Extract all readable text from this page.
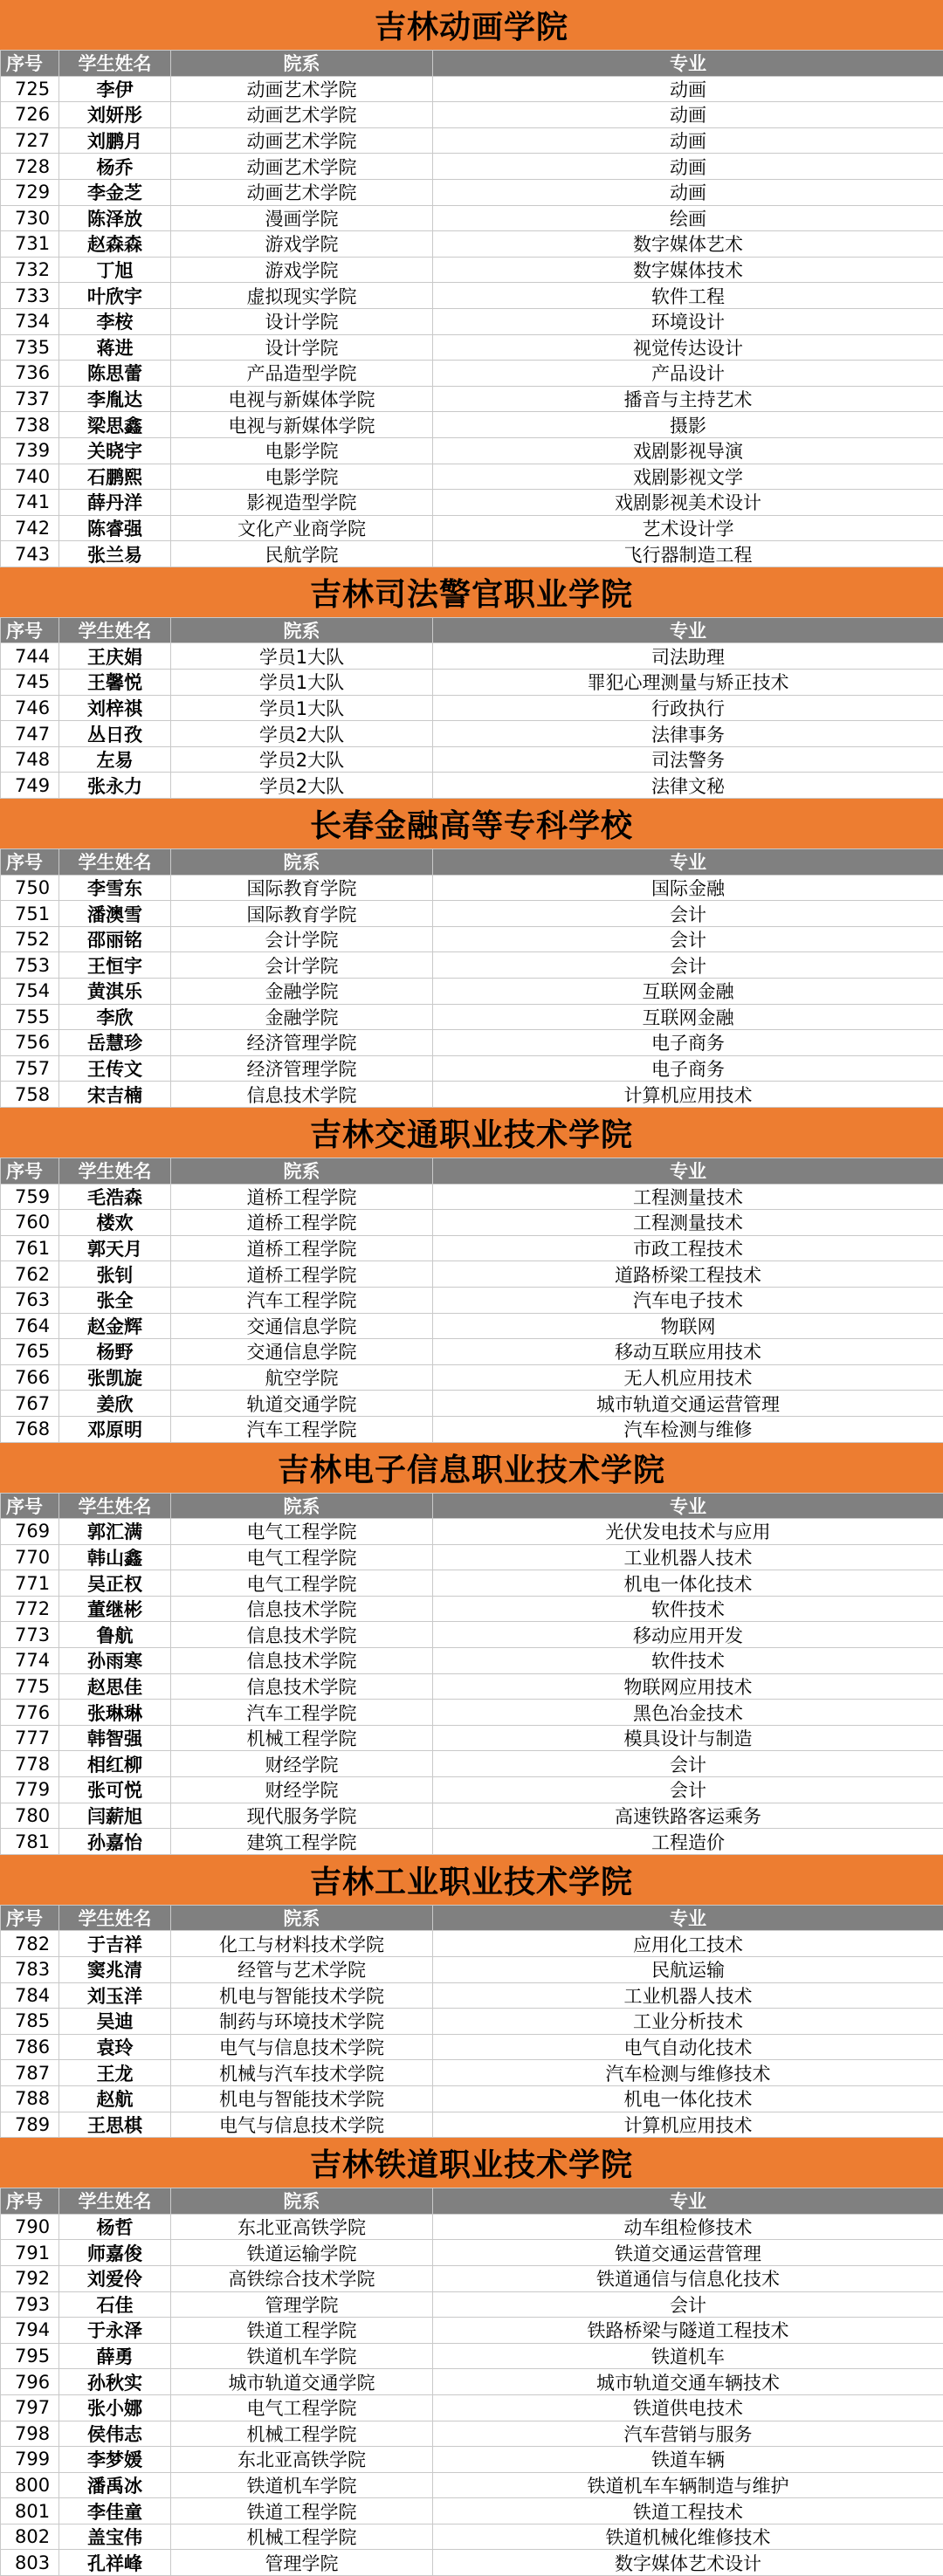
吉林动画学院
序号	学生姓名	院系	专业
725	李伊	动画艺术学院	动画
726	刘妍彤	动画艺术学院	动画
727	刘鹏月	动画艺术学院	动画
728	杨乔	动画艺术学院	动画
729	李金芝	动画艺术学院	动画
730	陈泽放	漫画学院	绘画
731	赵森森	游戏学院	数字媒体艺术
732	丁旭	游戏学院	数字媒体技术
733	叶欣宇	虚拟现实学院	软件工程
734	李桉	设计学院	环境设计
735	蒋进	设计学院	视觉传达设计
736	陈思蕾	产品造型学院	产品设计
737	李胤达	电视与新媒体学院	播音与主持艺术
738	梁思鑫	电视与新媒体学院	摄影
739	关晓宇	电影学院	戏剧影视导演
740	石鹏熙	电影学院	戏剧影视文学
741	薛丹洋	影视造型学院	戏剧影视美术设计
742	陈睿强	文化产业商学院	艺术设计学
743	张兰易	民航学院	飞行器制造工程
吉林司法警官职业学院
序号	学生姓名	院系	专业
744	王庆娟	学员1大队	司法助理
745	王馨悦	学员1大队	罪犯心理测量与矫正技术
746	刘梓祺	学员1大队	行政执行
747	丛日孜	学员2大队	法律事务
748	左易	学员2大队	司法警务
749	张永力	学员2大队	法律文秘
长春金融高等专科学校
序号	学生姓名	院系	专业
750	李雪东	国际教育学院	国际金融
751	潘澳雪	国际教育学院	会计
752	邵丽铭	会计学院	会计
753	王恒宇	会计学院	会计
754	黄淇乐	金融学院	互联网金融
755	李欣	金融学院	互联网金融
756	岳慧珍	经济管理学院	电子商务
757	王传文	经济管理学院	电子商务
758	宋吉楠	信息技术学院	计算机应用技术
吉林交通职业技术学院
序号	学生姓名	院系	专业
759	毛浩森	道桥工程学院	工程测量技术
760	楼欢	道桥工程学院	工程测量技术
761	郭天月	道桥工程学院	市政工程技术
762	张钊	道桥工程学院	道路桥梁工程技术
763	张全	汽车工程学院	汽车电子技术
764	赵金辉	交通信息学院	物联网
765	杨野	交通信息学院	移动互联应用技术
766	张凯旋	航空学院	无人机应用技术
767	姜欣	轨道交通学院	城市轨道交通运营管理
768	邓原明	汽车工程学院	汽车检测与维修
吉林电子信息职业技术学院
序号	学生姓名	院系	专业
769	郭汇满	电气工程学院	光伏发电技术与应用
770	韩山鑫	电气工程学院	工业机器人技术
771	吴正权	电气工程学院	机电一体化技术
772	董继彬	信息技术学院	软件技术
773	鲁航	信息技术学院	移动应用开发
774	孙雨寒	信息技术学院	软件技术
775	赵思佳	信息技术学院	物联网应用技术
776	张琳琳	汽车工程学院	黑色冶金技术
777	韩智强	机械工程学院	模具设计与制造
778	相红柳	财经学院	会计
779	张可悦	财经学院	会计
780	闫薪旭	现代服务学院	高速铁路客运乘务
781	孙嘉怡	建筑工程学院	工程造价
吉林工业职业技术学院
序号	学生姓名	院系	专业
782	于吉祥	化工与材料技术学院	应用化工技术
783	窦兆清	经管与艺术学院	民航运输
784	刘玉洋	机电与智能技术学院	工业机器人技术
785	吴迪	制药与环境技术学院	工业分析技术
786	袁玲	电气与信息技术学院	电气自动化技术
787	王龙	机械与汽车技术学院	汽车检测与维修技术
788	赵航	机电与智能技术学院	机电一体化技术
789	王思棋	电气与信息技术学院	计算机应用技术
吉林铁道职业技术学院
序号	学生姓名	院系	专业
790	杨哲	东北亚高铁学院	动车组检修技术
791	师嘉俊	铁道运输学院	铁道交通运营管理
792	刘爱伶	高铁综合技术学院	铁道通信与信息化技术
793	石佳	管理学院	会计
794	于永泽	铁道工程学院	铁路桥梁与隧道工程技术
795	薛勇	铁道机车学院	铁道机车
796	孙秋实	城市轨道交通学院	城市轨道交通车辆技术
797	张小娜	电气工程学院	铁道供电技术
798	侯伟志	机械工程学院	汽车营销与服务
799	李梦媛	东北亚高铁学院	铁道车辆
800	潘禹冰	铁道机车学院	铁道机车车辆制造与维护
801	李佳童	铁道工程学院	铁道工程技术
802	盖宝伟	机械工程学院	铁道机械化维修技术
803	孔祥峰	管理学院	数字媒体艺术设计
